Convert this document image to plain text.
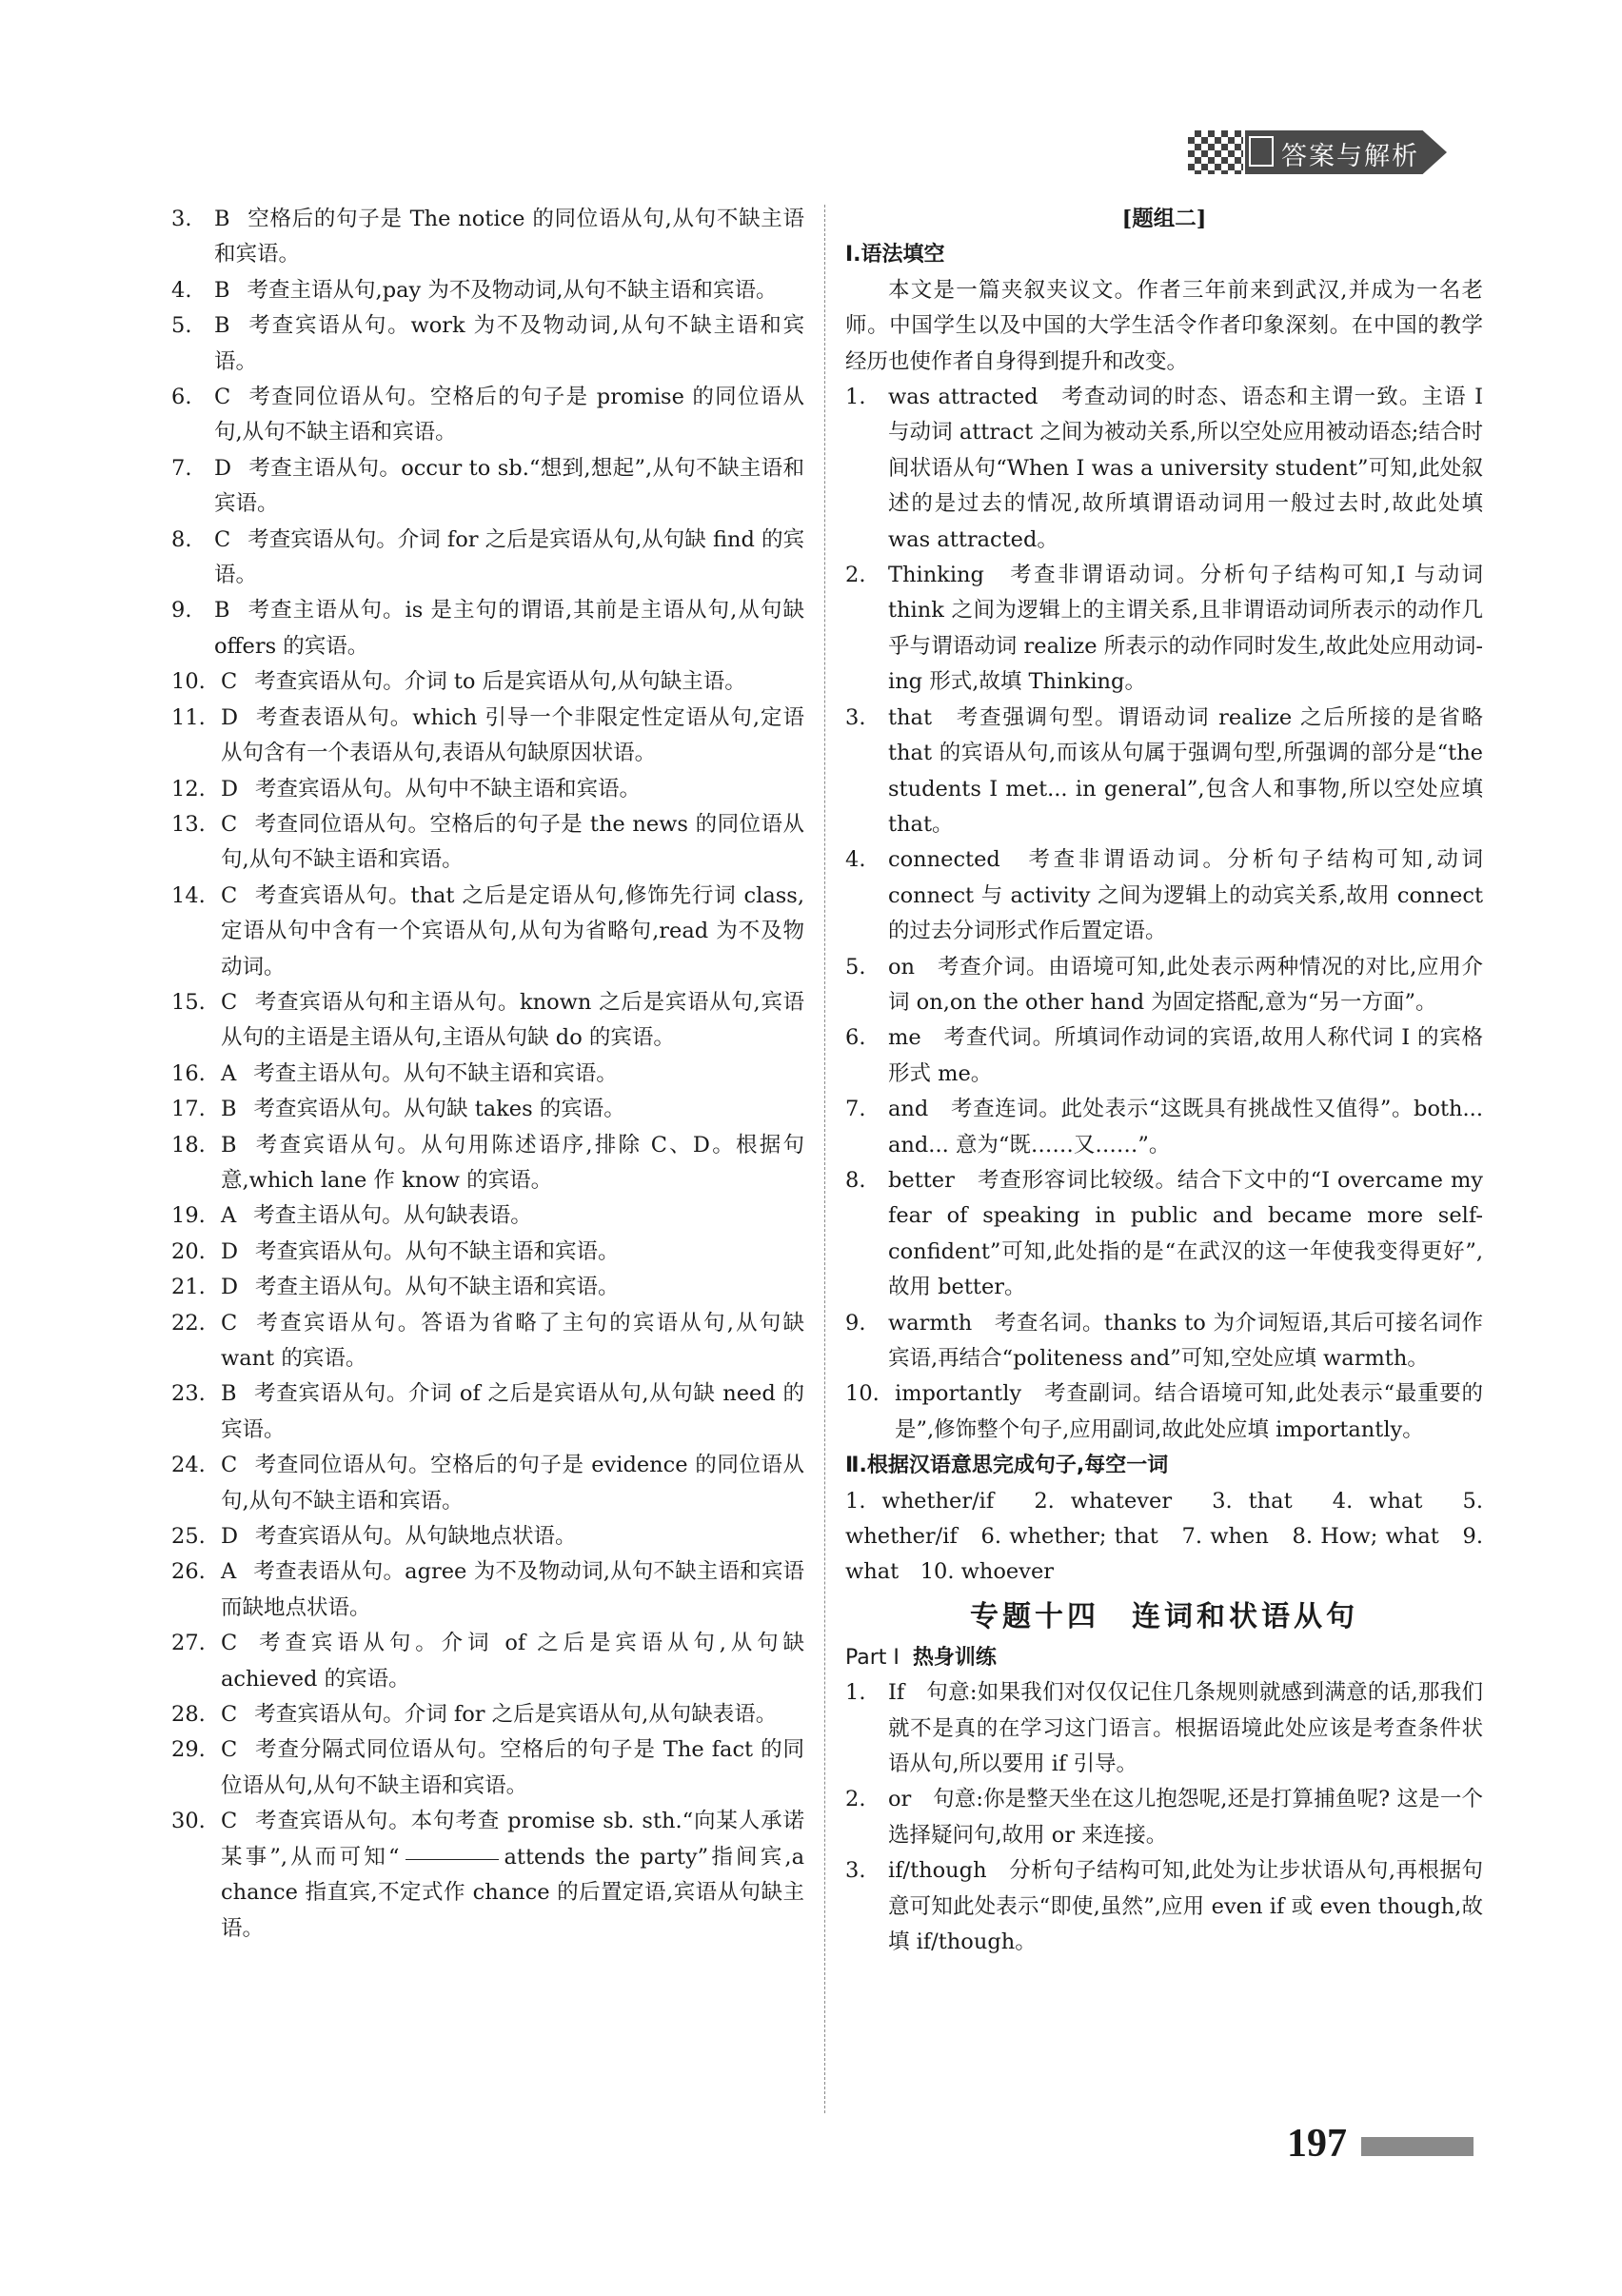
答案与解析
3. B 空格后的句子是 The notice 的同位语从句,从句不缺主语和宾语。
4. B 考查主语从句,pay 为不及物动词,从句不缺主语和宾语。
5. B 考查宾语从句。work 为不及物动词,从句不缺主语和宾语。
6. C 考查同位语从句。空格后的句子是 promise 的同位语从句,从句不缺主语和宾语。
7. D 考查主语从句。occur to sb.“想到,想起”,从句不缺主语和宾语。
8. C 考查宾语从句。介词 for 之后是宾语从句,从句缺 find 的宾语。
9. B 考查主语从句。is 是主句的谓语,其前是主语从句,从句缺 offers 的宾语。
10. C 考查宾语从句。介词 to 后是宾语从句,从句缺主语。
11. D 考查表语从句。which 引导一个非限定性定语从句,定语从句含有一个表语从句,表语从句缺原因状语。
12. D 考查宾语从句。从句中不缺主语和宾语。
13. C 考查同位语从句。空格后的句子是 the news 的同位语从句,从句不缺主语和宾语。
14. C 考查宾语从句。that 之后是定语从句,修饰先行词 class,定语从句中含有一个宾语从句,从句为省略句,read 为不及物动词。
15. C 考查宾语从句和主语从句。known 之后是宾语从句,宾语从句的主语是主语从句,主语从句缺 do 的宾语。
16. A 考查主语从句。从句不缺主语和宾语。
17. B 考查宾语从句。从句缺 takes 的宾语。
18. B 考查宾语从句。从句用陈述语序,排除 C、D。根据句意,which lane 作 know 的宾语。
19. A 考查主语从句。从句缺表语。
20. D 考查宾语从句。从句不缺主语和宾语。
21. D 考查主语从句。从句不缺主语和宾语。
22. C 考查宾语从句。答语为省略了主句的宾语从句,从句缺 want 的宾语。
23. B 考查宾语从句。介词 of 之后是宾语从句,从句缺 need 的宾语。
24. C 考查同位语从句。空格后的句子是 evidence 的同位语从句,从句不缺主语和宾语。
25. D 考查宾语从句。从句缺地点状语。
26. A 考查表语从句。agree 为不及物动词,从句不缺主语和宾语而缺地点状语。
27. C 考查宾语从句。介词 of 之后是宾语从句,从句缺 achieved 的宾语。
28. C 考查宾语从句。介词 for 之后是宾语从句,从句缺表语。
29. C 考查分隔式同位语从句。空格后的句子是 The fact 的同位语从句,从句不缺主语和宾语。
30. C 考查宾语从句。本句考查 promise sb. sth.“向某人承诺某事”,从而可知“	attends the party”指间宾,a chance 指直宾,不定式作 chance 的后置定语,宾语从句缺主语。
[题组二]
Ⅰ.语法填空
本文是一篇夹叙夹议文。作者三年前来到武汉,并成为一名老师。中国学生以及中国的大学生活令作者印象深刻。在中国的教学经历也使作者自身得到提升和改变。
1. was attracted　考查动词的时态、语态和主谓一致。主语 I 与动词 attract 之间为被动关系,所以空处应用被动语态;结合时间状语从句“When I was a university student”可知,此处叙述的是过去的情况,故所填谓语动词用一般过去时,故此处填 was attracted。
2. Thinking　考查非谓语动词。分析句子结构可知,I 与动词 think 之间为逻辑上的主谓关系,且非谓语动词所表示的动作几乎与谓语动词 realize 所表示的动作同时发生,故此处应用动词-ing 形式,故填 Thinking。
3. that　考查强调句型。谓语动词 realize 之后所接的是省略 that 的宾语从句,而该从句属于强调句型,所强调的部分是“the students I met... in general”,包含人和事物,所以空处应填 that。
4. connected　考查非谓语动词。分析句子结构可知,动词 connect 与 activity 之间为逻辑上的动宾关系,故用 connect 的过去分词形式作后置定语。
5. on　考查介词。由语境可知,此处表示两种情况的对比,应用介词 on,on the other hand 为固定搭配,意为“另一方面”。
6. me　考查代词。所填词作动词的宾语,故用人称代词 I 的宾格形式 me。
7. and　考查连词。此处表示“这既具有挑战性又值得”。both... and... 意为“既……又……”。
8. better　考查形容词比较级。结合下文中的“I overcame my fear of speaking in public and became more self-confident”可知,此处指的是“在武汉的这一年使我变得更好”,故用 better。
9. warmth　考查名词。thanks to 为介词短语,其后可接名词作宾语,再结合“politeness and”可知,空处应填 warmth。
10. importantly　考查副词。结合语境可知,此处表示“最重要的是”,修饰整个句子,应用副词,故此处应填 importantly。
Ⅱ.根据汉语意思完成句子,每空一词
1. whether/if　2. whatever　3. that　4. what　5. whether/if　6. whether; that　7. when　8. How; what　9. what　10. whoever
专题十四　连词和状语从句
Part Ⅰ 热身训练
1. If　句意:如果我们对仅仅记住几条规则就感到满意的话,那我们就不是真的在学习这门语言。根据语境此处应该是考查条件状语从句,所以要用 if 引导。
2. or　句意:你是整天坐在这儿抱怨呢,还是打算捕鱼呢? 这是一个选择疑问句,故用 or 来连接。
3. if/though　分析句子结构可知,此处为让步状语从句,再根据句意可知此处表示“即使,虽然”,应用 even if 或 even though,故填 if/though。
197
